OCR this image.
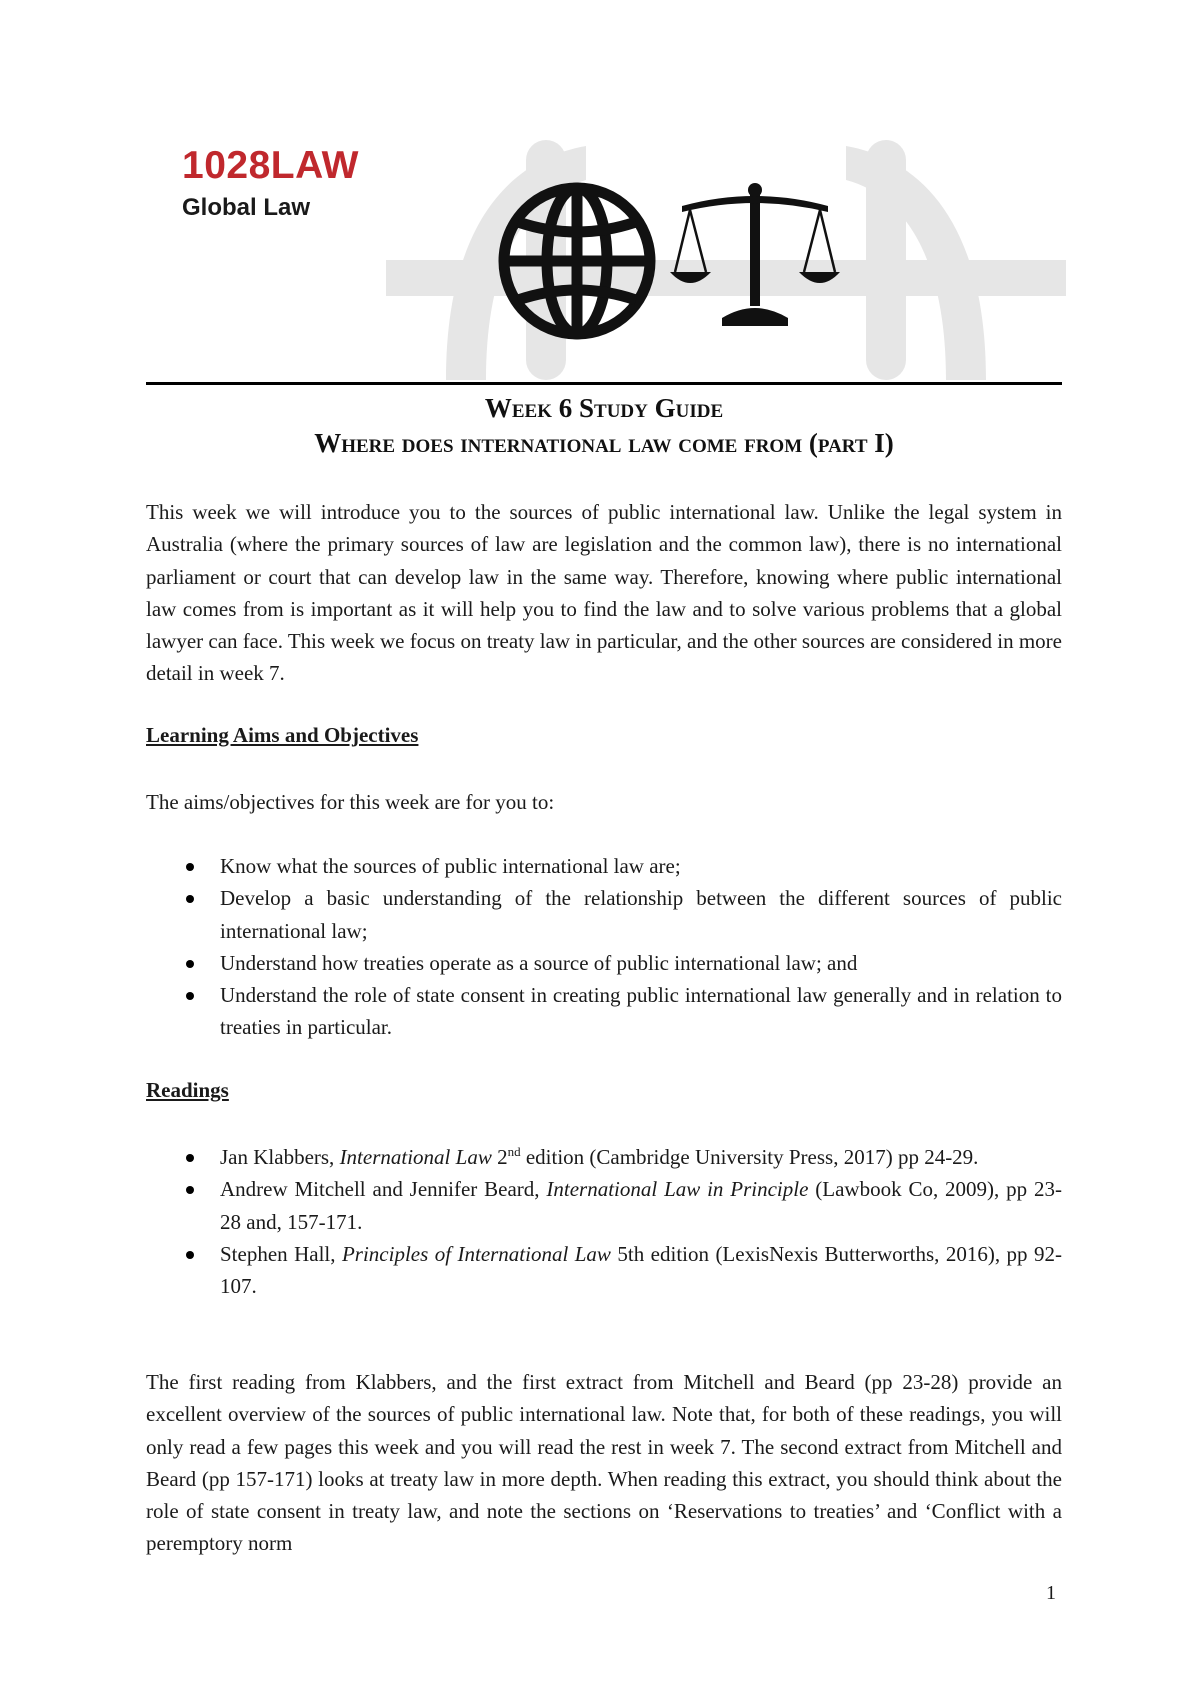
1028LAW
Global Law
Week 6 Study Guide
Where does international law come from (part I)

This week we will introduce you to the sources of public international law. Unlike the legal system in Australia (where the primary sources of law are legislation and the common law), there is no international parliament or court that can develop law in the same way. Therefore, knowing where public international law comes from is important as it will help you to find the law and to solve various problems that a global lawyer can face. This week we focus on treaty law in particular, and the other sources are considered in more detail in week 7.

Learning Aims and Objectives

The aims/objectives for this week are for you to:

Know what the sources of public international law are;
Develop a basic understanding of the relationship between the different sources of public international law;
Understand how treaties operate as a source of public international law; and
Understand the role of state consent in creating public international law generally and in relation to treaties in particular.
Readings
Jan Klabbers, International Law 2nd edition (Cambridge University Press, 2017) pp 24-29.
Andrew Mitchell and Jennifer Beard, International Law in Principle (Lawbook Co, 2009), pp 23-28 and, 157-171.
Stephen Hall, Principles of International Law 5th edition (LexisNexis Butterworths, 2016), pp 92-107.

The first reading from Klabbers, and the first extract from Mitchell and Beard (pp 23-28) provide an excellent overview of the sources of public international law. Note that, for both of these readings, you will only read a few pages this week and you will read the rest in week 7. The second extract from Mitchell and Beard (pp 157-171) looks at treaty law in more depth. When reading this extract, you should think about the role of state consent in treaty law, and note the sections on ‘Reservations to treaties’ and ‘Conflict with a peremptory norm

1
